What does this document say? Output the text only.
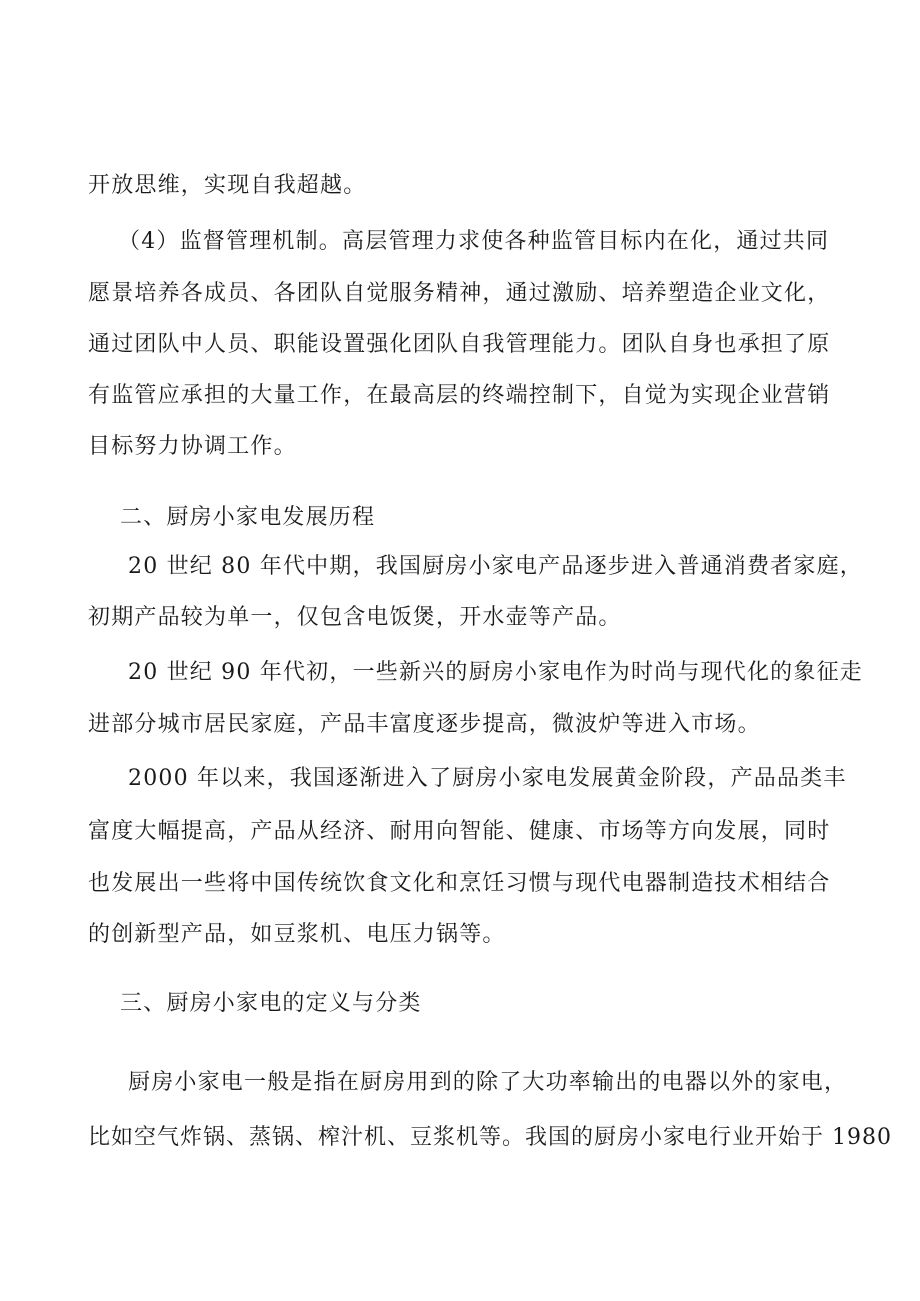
开放思维，实现自我超越。

（4）监督管理机制。高层管理力求使各种监管目标内在化，通过共同

愿景培养各成员、各团队自觉服务精神，通过激励、培养塑造企业文化，

通过团队中人员、职能设置强化团队自我管理能力。团队自身也承担了原

有监管应承担的大量工作，在最高层的终端控制下，自觉为实现企业营销

目标努力协调工作。

二、厨房小家电发展历程

20 世纪 80 年代中期，我国厨房小家电产品逐步进入普通消费者家庭，

初期产品较为单一，仅包含电饭煲，开水壶等产品。

20 世纪 90 年代初，一些新兴的厨房小家电作为时尚与现代化的象征走

进部分城市居民家庭，产品丰富度逐步提高，微波炉等进入市场。

2000 年以来，我国逐渐进入了厨房小家电发展黄金阶段，产品品类丰

富度大幅提高，产品从经济、耐用向智能、健康、市场等方向发展，同时

也发展出一些将中国传统饮食文化和烹饪习惯与现代电器制造技术相结合

的创新型产品，如豆浆机、电压力锅等。

三、厨房小家电的定义与分类

厨房小家电一般是指在厨房用到的除了大功率输出的电器以外的家电，

比如空气炸锅、蒸锅、榨汁机、豆浆机等。我国的厨房小家电行业开始于 1980
